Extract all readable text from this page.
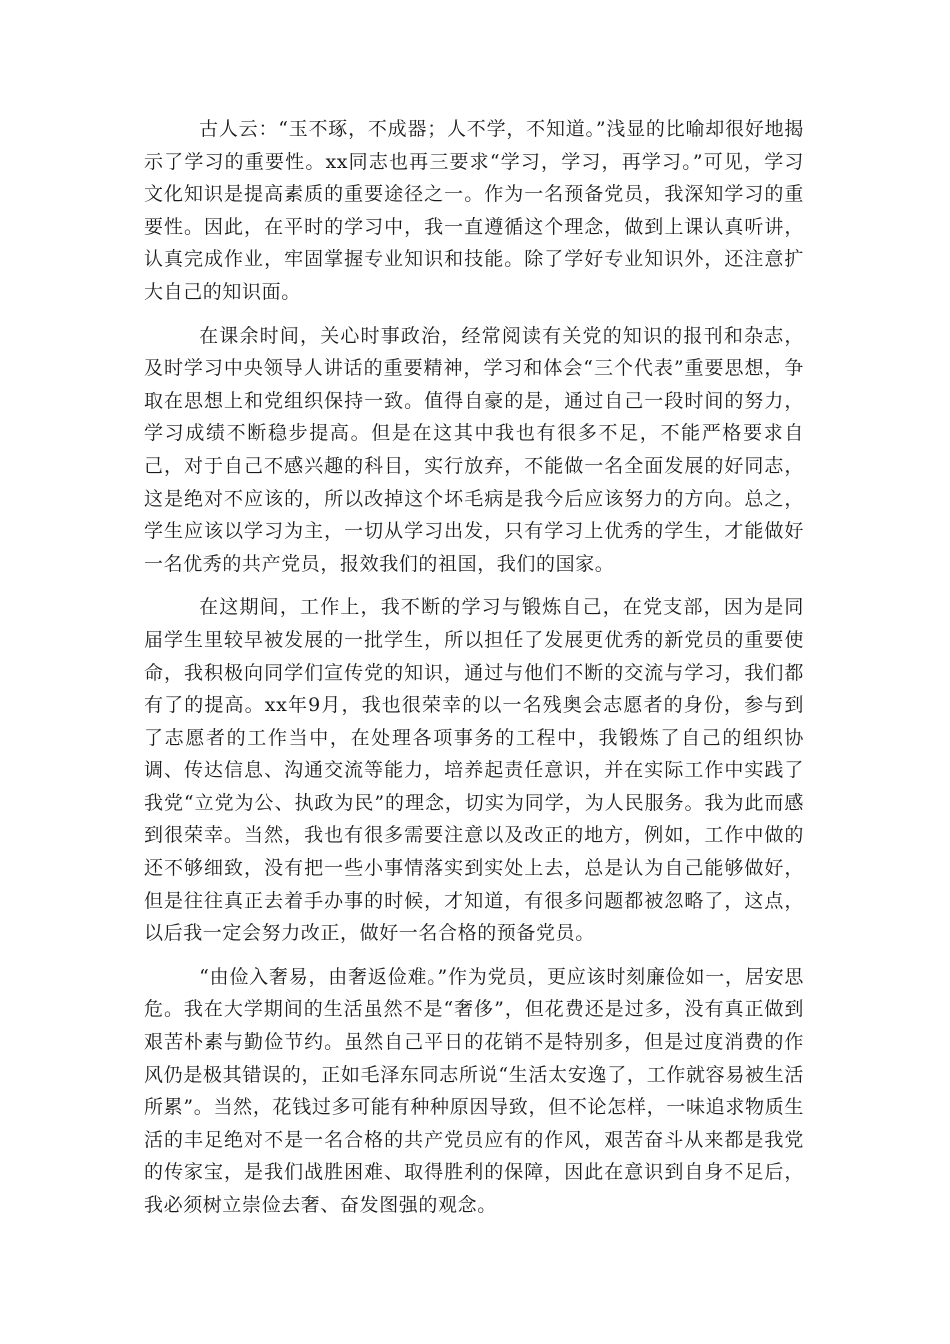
古人云：“玉不琢，不成器；人不学，不知道。”浅显的比喻却很好地揭示了学习的重要性。xx同志也再三要求“学习，学习，再学习。”可见，学习文化知识是提高素质的重要途径之一。作为一名预备党员，我深知学习的重要性。因此，在平时的学习中，我一直遵循这个理念，做到上课认真听讲，认真完成作业，牢固掌握专业知识和技能。除了学好专业知识外，还注意扩大自己的知识面。

在课余时间，关心时事政治，经常阅读有关党的知识的报刊和杂志，及时学习中央领导人讲话的重要精神，学习和体会“三个代表”重要思想，争取在思想上和党组织保持一致。值得自豪的是，通过自己一段时间的努力，学习成绩不断稳步提高。但是在这其中我也有很多不足，不能严格要求自己，对于自己不感兴趣的科目，实行放弃，不能做一名全面发展的好同志，这是绝对不应该的，所以改掉这个坏毛病是我今后应该努力的方向。总之，学生应该以学习为主，一切从学习出发，只有学习上优秀的学生，才能做好一名优秀的共产党员，报效我们的祖国，我们的国家。

在这期间，工作上，我不断的学习与锻炼自己，在党支部，因为是同届学生里较早被发展的一批学生，所以担任了发展更优秀的新党员的重要使命，我积极向同学们宣传党的知识，通过与他们不断的交流与学习，我们都有了的提高。xx年9月，我也很荣幸的以一名残奥会志愿者的身份，参与到了志愿者的工作当中，在处理各项事务的工程中，我锻炼了自己的组织协调、传达信息、沟通交流等能力，培养起责任意识，并在实际工作中实践了我党“立党为公、执政为民”的理念，切实为同学，为人民服务。我为此而感到很荣幸。当然，我也有很多需要注意以及改正的地方，例如，工作中做的还不够细致，没有把一些小事情落实到实处上去，总是认为自己能够做好，但是往往真正去着手办事的时候，才知道，有很多问题都被忽略了，这点，以后我一定会努力改正，做好一名合格的预备党员。

“由俭入奢易，由奢返俭难。”作为党员，更应该时刻廉俭如一，居安思危。我在大学期间的生活虽然不是“奢侈”，但花费还是过多，没有真正做到艰苦朴素与勤俭节约。虽然自己平日的花销不是特别多，但是过度消费的作风仍是极其错误的，正如毛泽东同志所说“生活太安逸了，工作就容易被生活所累”。当然，花钱过多可能有种种原因导致，但不论怎样，一味追求物质生活的丰足绝对不是一名合格的共产党员应有的作风，艰苦奋斗从来都是我党的传家宝，是我们战胜困难、取得胜利的保障，因此在意识到自身不足后，我必须树立崇俭去奢、奋发图强的观念。
